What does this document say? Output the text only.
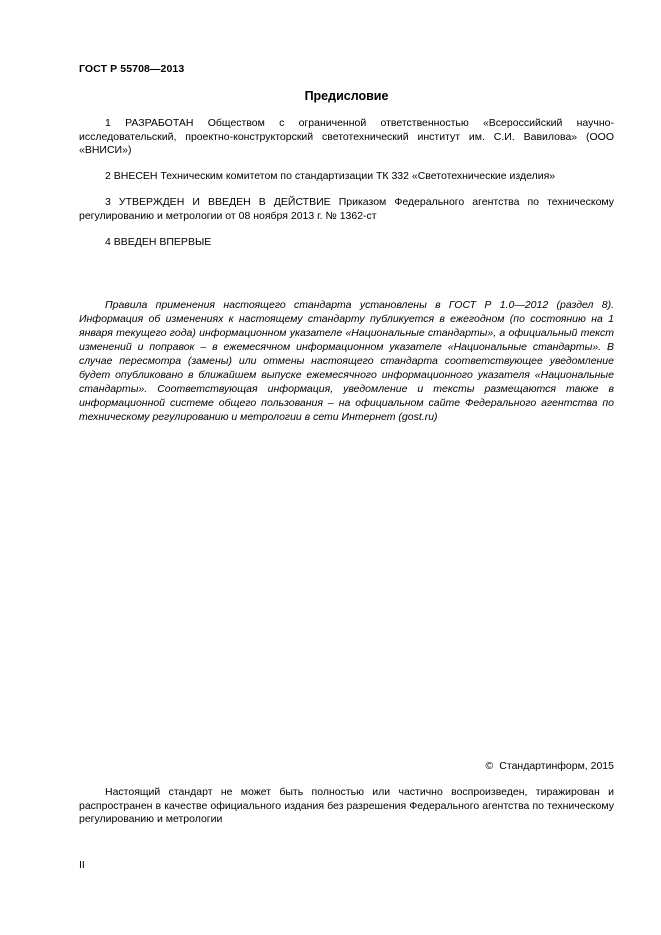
ГОСТ Р 55708—2013
Предисловие

1 РАЗРАБОТАН Обществом с ограниченной ответственностью «Всероссийский научно-исследовательский, проектно-конструкторский светотехнический институт им. С.И. Вавилова» (ООО «ВНИСИ»)

2 ВНЕСЕН Техническим комитетом по стандартизации ТК 332 «Светотехнические изделия»

3 УТВЕРЖДЕН И ВВЕДЕН В ДЕЙСТВИЕ Приказом Федерального агентства по техническому регулированию и метрологии от 08 ноября 2013 г. № 1362-ст

4 ВВЕДЕН ВПЕРВЫЕ

Правила применения настоящего стандарта установлены в ГОСТ Р 1.0—2012 (раздел 8). Информация об изменениях к настоящему стандарту публикуется в ежегодном (по состоянию на 1 января текущего года) информационном указателе «Национальные стандарты», а официальный текст изменений и поправок – в ежемесячном информационном указателе «Национальные стандарты». В случае пересмотра (замены) или отмены настоящего стандарта соответствующее уведомление будет опубликовано в ближайшем выпуске ежемесячного информационного указателя «Национальные стандарты». Соответствующая информация, уведомление и тексты размещаются также в информационной системе общего пользования – на официальном сайте Федерального агентства по техническому регулированию и метрологии в сети Интернет (gost.ru)

© Стандартинформ, 2015

Настоящий стандарт не может быть полностью или частично воспроизведен, тиражирован и распространен в качестве официального издания без разрешения Федерального агентства по техническому регулированию и метрологии

II
